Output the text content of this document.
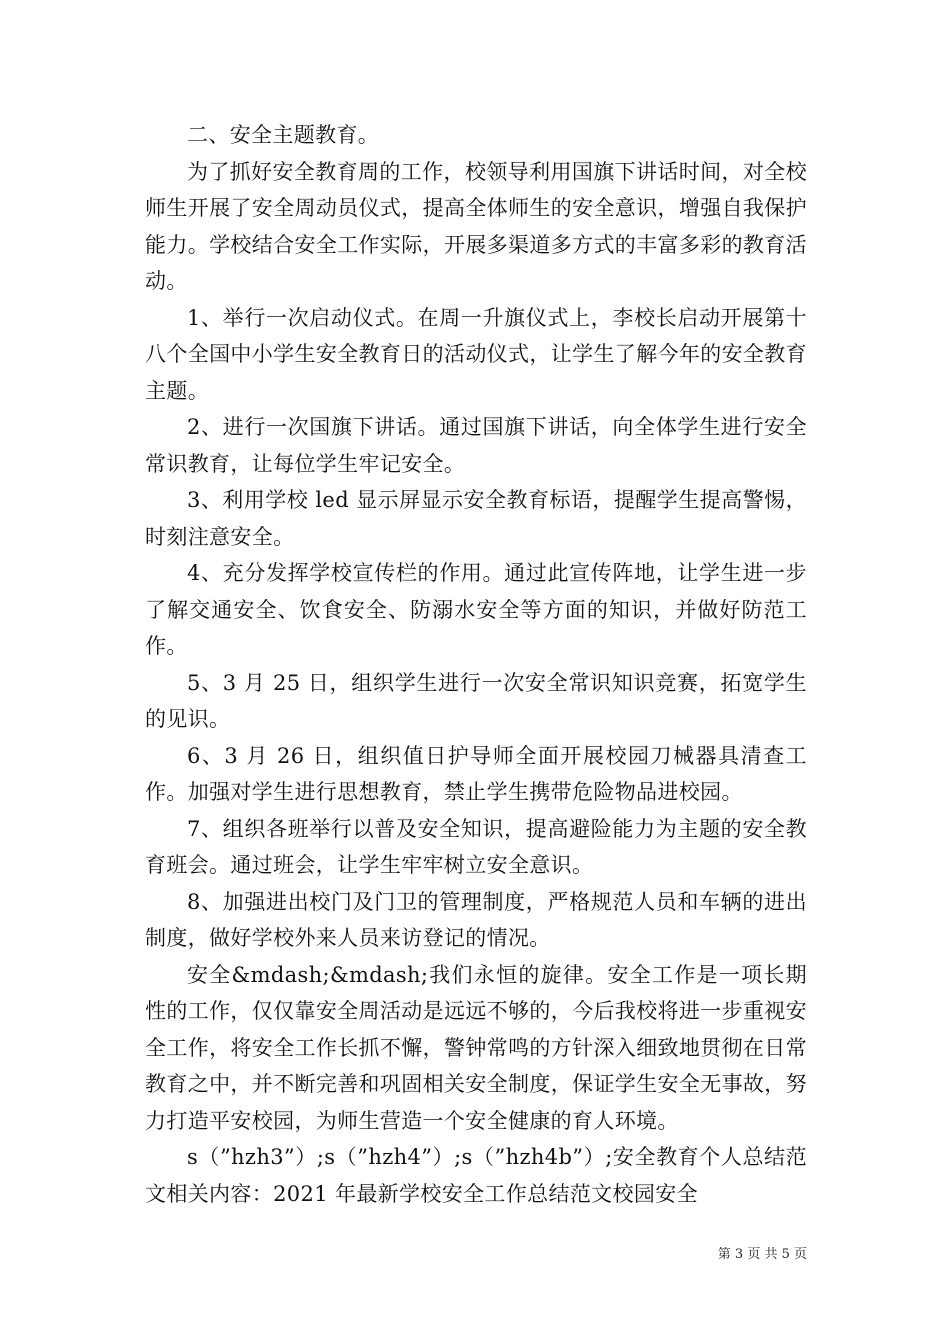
二、安全主题教育。

为了抓好安全教育周的工作，校领导利用国旗下讲话时间，对全校师生开展了安全周动员仪式，提高全体师生的安全意识，增强自我保护能力。学校结合安全工作实际，开展多渠道多方式的丰富多彩的教育活动。

1、举行一次启动仪式。在周一升旗仪式上，李校长启动开展第十八个全国中小学生安全教育日的活动仪式，让学生了解今年的安全教育主题。

2、进行一次国旗下讲话。通过国旗下讲话，向全体学生进行安全常识教育，让每位学生牢记安全。

3、利用学校 led 显示屏显示安全教育标语，提醒学生提高警惕，时刻注意安全。

4、充分发挥学校宣传栏的作用。通过此宣传阵地，让学生进一步了解交通安全、饮食安全、防溺水安全等方面的知识，并做好防范工作。

5、3 月 25 日，组织学生进行一次安全常识知识竞赛，拓宽学生的见识。

6、3 月 26 日，组织值日护导师全面开展校园刀械器具清查工作。加强对学生进行思想教育，禁止学生携带危险物品进校园。

7、组织各班举行以普及安全知识，提高避险能力为主题的安全教育班会。通过班会，让学生牢牢树立安全意识。

8、加强进出校门及门卫的管理制度，严格规范人员和车辆的进出制度，做好学校外来人员来访登记的情况。

安全&mdash;&mdash;我们永恒的旋律。安全工作是一项长期性的工作，仅仅靠安全周活动是远远不够的，今后我校将进一步重视安全工作，将安全工作长抓不懈，警钟常鸣的方针深入细致地贯彻在日常教育之中，并不断完善和巩固相关安全制度，保证学生安全无事故，努力打造平安校园，为师生营造一个安全健康的育人环境。

s（”hzh3”）;s（”hzh4”）;s（”hzh4b”）;安全教育个人总结范文相关内容：2021 年最新学校安全工作总结范文校园安全

第 3 页 共 5 页
